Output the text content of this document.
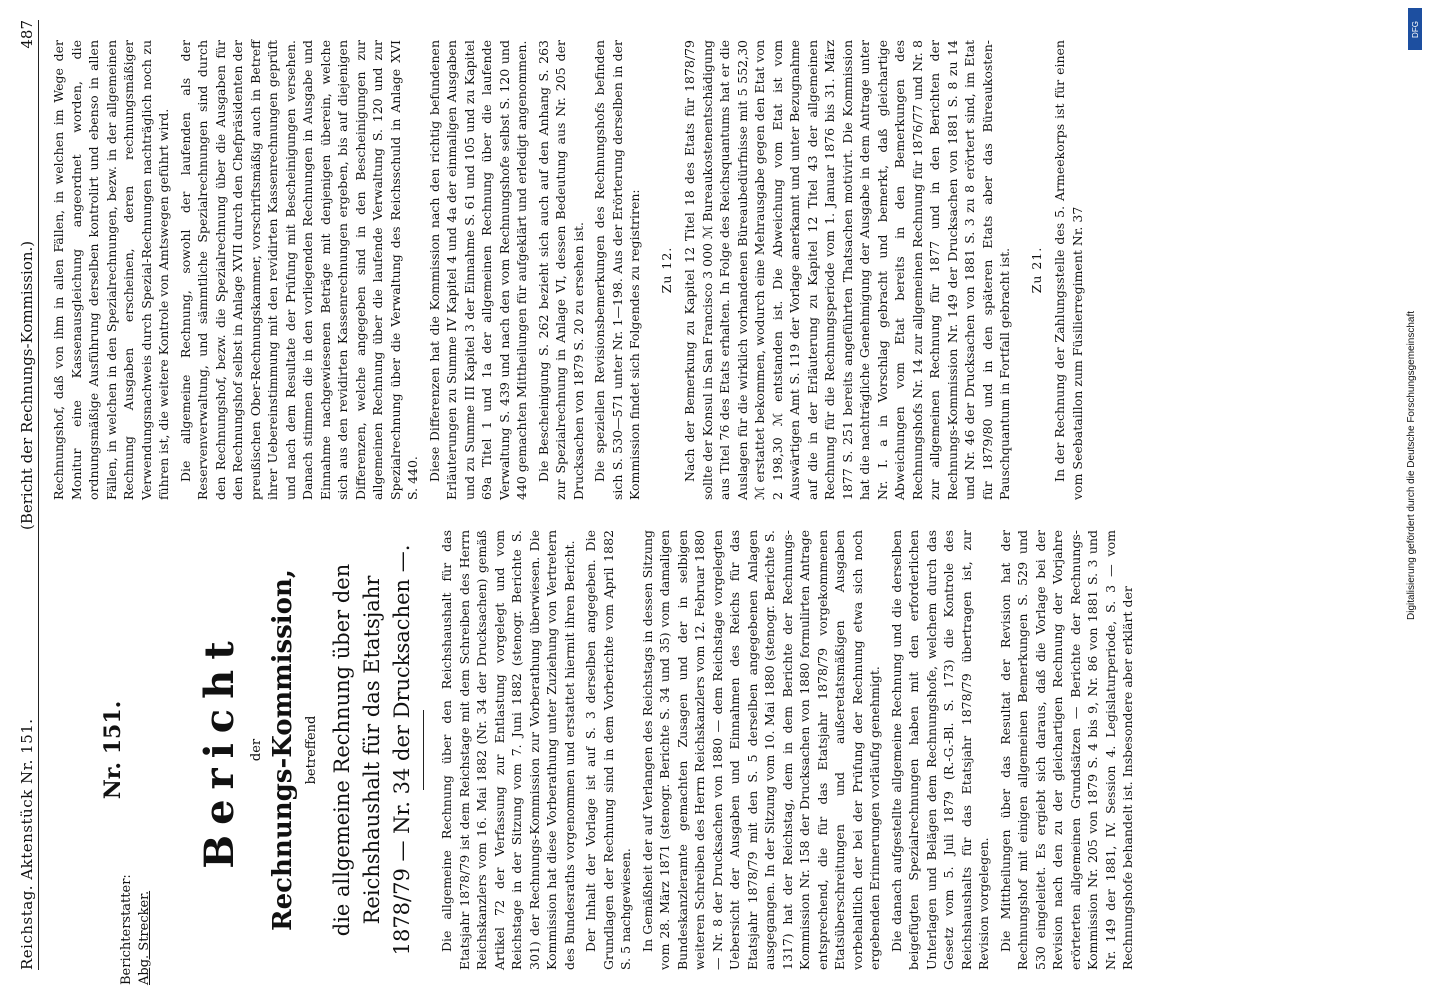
DFG
Digitalisierung gefördert durch die Deutsche Forschungsgemeinschaft
Reichstag. Aktenstück Nr. 151.
(Bericht der Rechnungs-Kommission.)
487
Nr. 151. Bericht der Rechnungs-Kommission, betreffend die allgemeine Rechnung über den Reichshaushalt für das Etatsjahr 1878/79 — Nr. 34 der Drucksachen —. Die allgemeine Rechnung über den Reichshaushalt für das Etatsjahr 1878/79 ist dem Reichstage mit dem Schreiben des Herrn Reichskanzlers vom 16. Mai 1882 (Nr. 34 der Drucksachen) gemäß Artikel 72 der Verfassung zur Entlastung vorgelegt und vom Reichstage in der Sitzung vom 7. Juni 1882 (stenogr. Berichte S. 301) der Rechnungs-Kommission zur Vorberathung überwiesen. Die Kommission hat diese Vorberathung unter Zuziehung von Vertretern des Bundesraths vorgenommen und erstattet hiermit ihren Bericht. Der Inhalt der Vorlage ist auf S. 3 derselben angegeben. Die Grundlagen der Rechnung sind in dem Vorberichte vom April 1882 S. 5 nachgewiesen. In Gemäßheit der auf Verlangen des Reichstags in dessen Sitzung vom 28. März 1871 (stenogr. Berichte S. 34 und 35) vom damaligen Bundeskanzleramte gemachten Zusagen und der in selbigen weiteren Schreiben des Herrn Reichskanzlers vom 12. Februar 1880 — Nr. 8 der Drucksachen von 1880 — dem Reichstage vorgelegten Uebersicht der Ausgaben und Einnahmen des Reichs für das Etatsjahr 1878/79 mit den S. 5 derselben angegebenen Anlagen ausgegangen. In der Sitzung vom 10. Mai 1880 (stenogr. Berichte S. 1317) hat der Reichstag, dem in dem Berichte der Rechnungs-Kommission Nr. 158 der Drucksachen von 1880 formulirten Antrage entsprechend, die für das Etatsjahr 1878/79 vorgekommenen Etatsüberschreitungen und außeretatsmäßigen Ausgaben vorbehaltlich der bei der Prüfung der Rechnung etwa sich noch ergebenden Erinnerungen vorläufig genehmigt. Die danach aufgestellte allgemeine Rechnung und die derselben beigefügten Spezialrechnungen haben mit den erforderlichen Unterlagen und Belägen dem Rechnungshofe, welchem durch das Gesetz vom 5. Juli 1879 (R.-G.-Bl. S. 173) die Kontrole des Reichshaushalts für das Etatsjahr 1878/79 übertragen ist, zur Revision vorgelegen. Die Mittheilungen über das Resultat der Revision hat der Rechnungshof mit einigen allgemeinen Bemerkungen S. 529 und 530 eingeleitet. Es ergiebt sich daraus, daß die Vorlage bei der Revision nach den zu der gleichartigen Rechnung der Vorjahre erörterten allgemeinen Grundsätzen — Berichte der Rechnungs-Kommission Nr. 205 von 1879 S. 4 bis 9, Nr. 86 von 1881 S. 3 und Nr. 149 der 1881, IV. Session 4. Legislaturperiode, S. 3 — vom Rechnungshofe behandelt ist. Insbesondere aber erklärt der

Rechnungshof, daß von ihm in allen Fällen, in welchen im Wege der Monitur eine Kassenausgleichung angeordnet worden, die ordnungsmäßige Ausführung derselben kontrolirt und ebenso in allen Fällen, in welchen in den Spezialrechnungen, bezw. in der allgemeinen Rechnung Ausgaben erscheinen, deren rechnungsmäßiger Verwendungsnachweis durch Spezial-Rechnungen nachträglich noch zu führen ist, die weitere Kontrole von Amtswegen geführt wird. Die allgemeine Rechnung, sowohl der laufenden als der Reservenverwaltung, und sämmtliche Spezialrechnungen sind durch den Rechnungshof, bezw. die Spezialrechnung über die Ausgaben für den Rechnungshof selbst in Anlage XVII durch den Chefpräsidenten der preußischen Ober-Rechnungskammer, vorschriftsmäßig auch in Betreff ihrer Uebereinstimmung mit den revidirten Kassenrechnungen geprüft und nach dem Resultate der Prüfung mit Bescheinigungen versehen. Danach stimmen die in den vorliegenden Rechnungen in Ausgabe und Einnahme nachgewiesenen Beträge mit denjenigen überein, welche sich aus den revidirten Kassenrechnungen ergeben, bis auf diejenigen Differenzen, welche angegeben sind in den Bescheinigungen zur allgemeinen Rechnung über die laufende Verwaltung S. 120 und zur Spezialrechnung über die Verwaltung des Reichsschuld in Anlage XVI S. 440. Diese Differenzen hat die Kommission nach den richtig befundenen Erläuterungen zu Summe IV Kapitel 4 und 4a der einmaligen Ausgaben und zu Summe III Kapitel 3 der Einnahme S. 61 und 105 und zu Kapitel 69a Titel 1 und 1a der allgemeinen Rechnung über die laufende Verwaltung S. 439 und nach den vom Rechnungshofe selbst S. 120 und 440 gemachten Mittheilungen für aufgeklärt und erledigt angenommen. Die Bescheinigung S. 262 bezieht sich auch auf den Anhang S. 263 zur Spezialrechnung in Anlage VI, dessen Bedeutung aus Nr. 205 der Drucksachen von 1879 S. 20 zu ersehen ist. Die speziellen Revisionsbemerkungen des Rechnungshofs befinden sich S. 530—571 unter Nr. 1—198. Aus der Erörterung derselben in der Kommission findet sich Folgendes zu registriren: Zu 12. Nach der Bemerkung zu Kapitel 12 Titel 18 des Etats für 1878/79 sollte der Konsul in San Francisco 3 000 ℳ Bureaukostenentschädigung aus Titel 76 des Etats erhalten. In Folge des Reichsquantums hat er die Auslagen für die wirklich vorhandenen Büreaubedürfnisse mit 5 552,30 ℳ erstattet bekommen, wodurch eine Mehrausgabe gegen den Etat von 2 198,30 ℳ entstanden ist. Die Abweichung vom Etat ist vom Auswärtigen Amt S. 119 der Vorlage anerkannt und unter Bezugnahme auf die in der Erläuterung zu Kapitel 12 Titel 43 der allgemeinen Rechnung für die Rechnungsperiode vom 1. Januar 1876 bis 31. März 1877 S. 251 bereits angeführten Thatsachen motivirt. Die Kommission hat die nachträgliche Genehmigung der Ausgabe in dem Antrage unter Nr. I. a in Vorschlag gebracht und bemerkt, daß gleichartige Abweichungen vom Etat bereits in den Bemerkungen des Rechnungshofs Nr. 14 zur allgemeinen Rechnung für 1876/77 und Nr. 8 zur allgemeinen Rechnung für 1877 und in den Berichten der Rechnungs-Kommission Nr. 149 der Drucksachen von 1881 S. 8 zu 14 und Nr. 46 der Drucksachen von 1881 S. 3 zu 8 erörtert sind, im Etat für 1879/80 und in den späteren Etats aber das Büreaukosten-Pauschquantum in Fortfall gebracht ist. Zu 21. In der Rechnung der Zahlungsstelle des 5. Armeekorps ist für einen vom Seebataillon zum Füsilierregiment Nr. 37

Berichterstatter: Abg. Strecker.
